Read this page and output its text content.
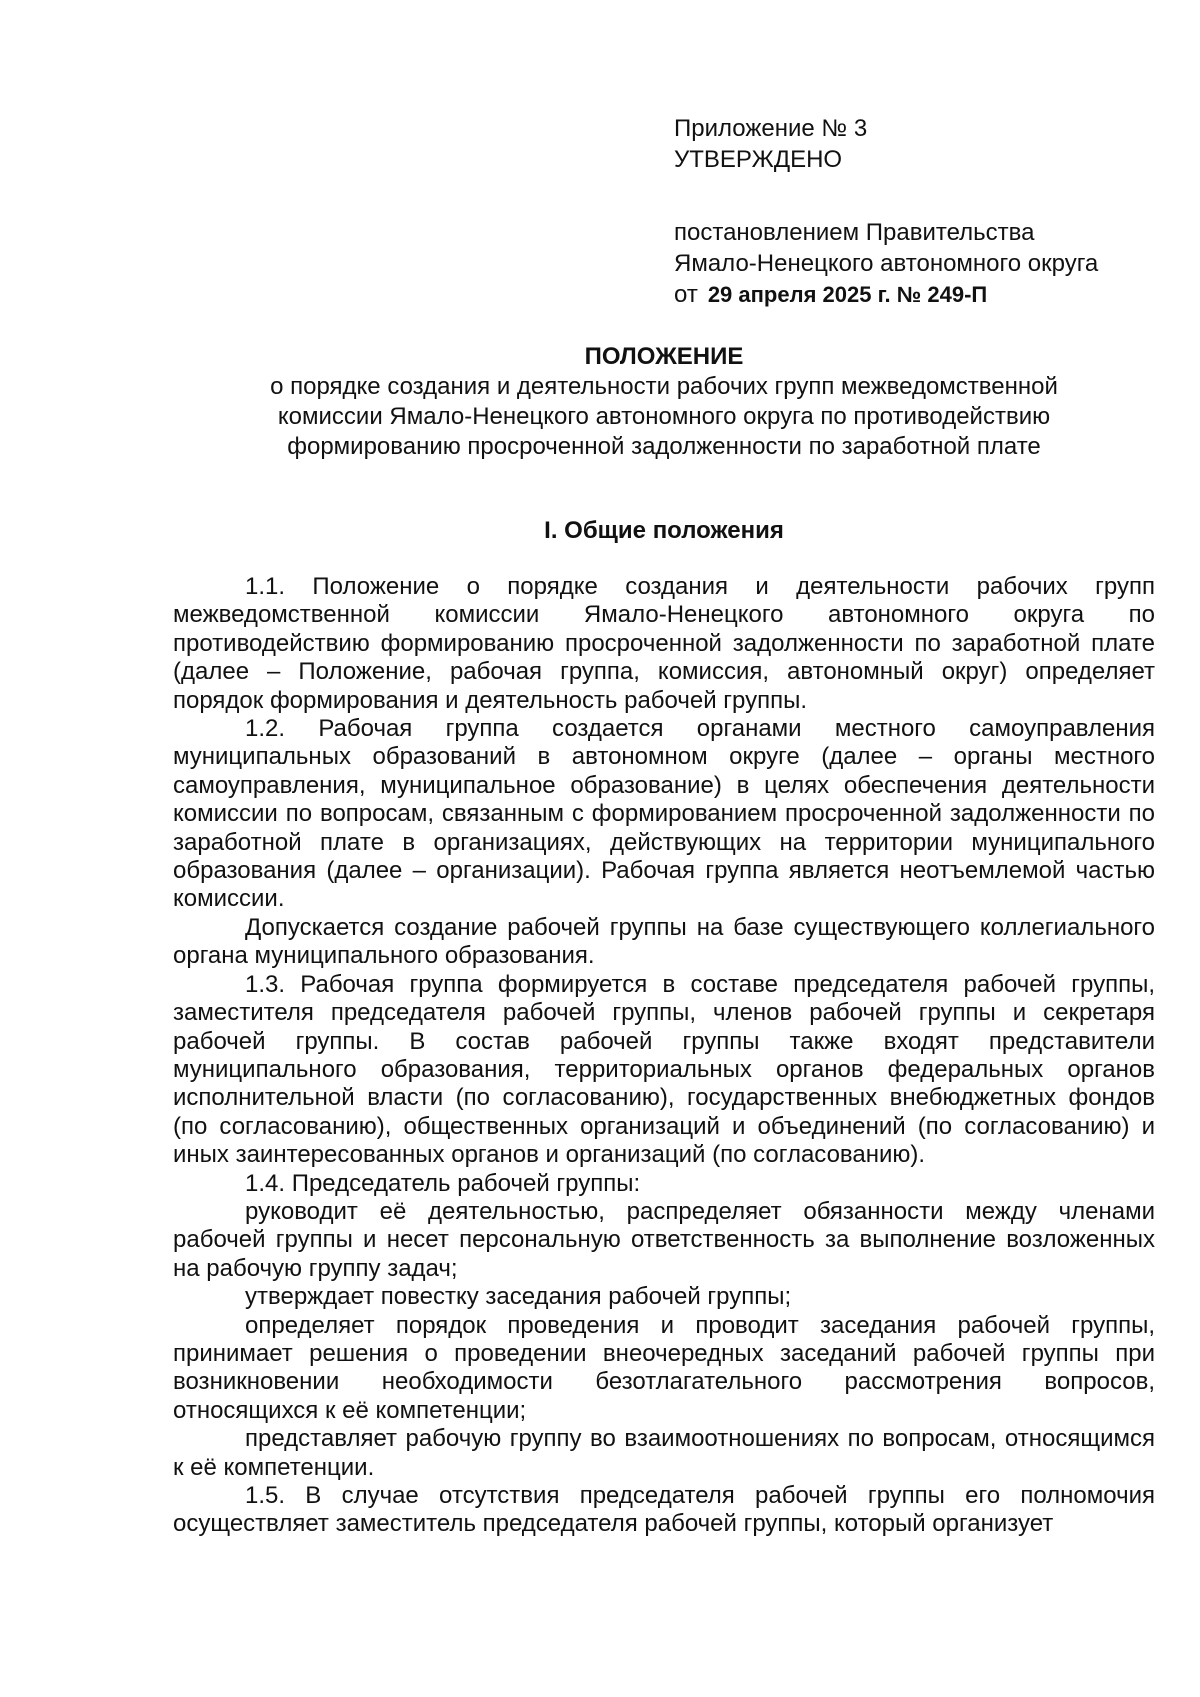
Приложение № 3
УТВЕРЖДЕНО
постановлением Правительства
Ямало-Ненецкого автономного округа
от 29 апреля 2025 г. № 249-П
ПОЛОЖЕНИЕ
о порядке создания и деятельности рабочих групп межведомственной
комиссии Ямало-Ненецкого автономного округа по противодействию
формированию просроченной задолженности по заработной плате
I. Общие положения

1.1. Положение о порядке создания и деятельности рабочих групп межведомственной комиссии Ямало-Ненецкого автономного округа по противодействию формированию просроченной задолженности по заработной плате (далее – Положение, рабочая группа, комиссия, автономный округ) определяет порядок формирования и деятельность рабочей группы.

1.2. Рабочая группа создается органами местного самоуправления муниципальных образований в автономном округе (далее – органы местного самоуправления, муниципальное образование) в целях обеспечения деятельности комиссии по вопросам, связанным с формированием просроченной задолженности по заработной плате в организациях, действующих на территории муниципального образования (далее – организации). Рабочая группа является неотъемлемой частью комиссии.

Допускается создание рабочей группы на базе существующего коллегиального органа муниципального образования.

1.3. Рабочая группа формируется в составе председателя рабочей группы, заместителя председателя рабочей группы, членов рабочей группы и секретаря рабочей группы. В состав рабочей группы также входят представители муниципального образования, территориальных органов федеральных органов исполнительной власти (по согласованию), государственных внебюджетных фондов (по согласованию), общественных организаций и объединений (по согласованию) и иных заинтересованных органов и организаций (по согласованию).

1.4. Председатель рабочей группы:

руководит её деятельностью, распределяет обязанности между членами рабочей группы и несет персональную ответственность за выполнение возложенных на рабочую группу задач;

утверждает повестку заседания рабочей группы;

определяет порядок проведения и проводит заседания рабочей группы, принимает решения о проведении внеочередных заседаний рабочей группы при возникновении необходимости безотлагательного рассмотрения вопросов, относящихся к её компетенции;

представляет рабочую группу во взаимоотношениях по вопросам, относящимся к её компетенции.

1.5. В случае отсутствия председателя рабочей группы его полномочия осуществляет заместитель председателя рабочей группы, который организует
